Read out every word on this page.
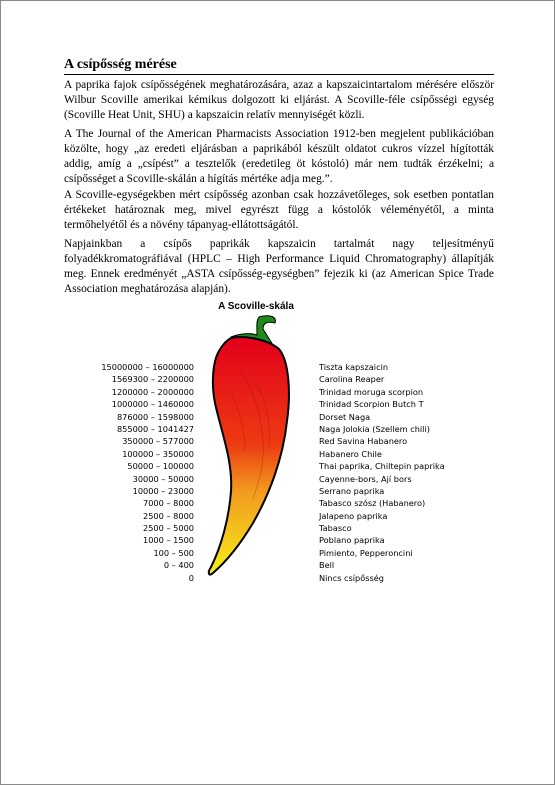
A csípősség mérése

A paprika fajok csípősségének meghatározására, azaz a kapszaicintartalom mérésére először Wilbur Scoville amerikai kémikus dolgozott ki eljárást. A Scoville-féle csípősségi egység (Scoville Heat Unit, SHU) a kapszaicin relatív mennyiségét közli.

A The Journal of the American Pharmacists Association 1912-ben megjelent publikációban közölte, hogy „az eredeti eljárásban a paprikából készült oldatot cukros vízzel hígították addig, amíg a „csípést” a tesztelők (eredetileg öt kóstoló) már nem tudták érzékelni; a csípősséget a Scoville-skálán a hígítás mértéke adja meg.”.

A Scoville-egységekben mért csípősség azonban csak hozzávetőleges, sok esetben pontatlan értékeket határoznak meg, mivel egyrészt függ a kóstolók véleményétől, a minta termőhelyétől és a növény tápanyag-ellátottságától.

Napjainkban a csípős paprikák kapszaicin tartalmát nagy teljesítményű folyadékkromatográfiával (HPLC – High Performance Liquid Chromatography) állapítják meg. Ennek eredményét „ASTA csípősség-egységben” fejezik ki (az American Spice Trade Association meghatározása alapján).

A Scoville-skála
15000000 – 16000000
1569300 – 2200000
1200000 – 2000000
1000000 – 1460000
876000 – 1598000
855000 – 1041427
350000 – 577000
100000 – 350000
50000 – 100000
30000 – 50000
10000 – 23000
7000 – 8000
2500 – 8000
2500 – 5000
1000 – 1500
100 – 500
0 – 400
0
Tiszta kapszaicin
Carolina Reaper
Trinidad moruga scorpion
Trinidad Scorpion Butch T
Dorset Naga
Naga Jolokia (Szellem chili)
Red Savina Habanero
Habanero Chile
Thai paprika, Chiltepin paprika
Cayenne-bors, Ají bors
Serrano paprika
Tabasco szósz (Habanero)
Jalapeno paprika
Tabasco
Poblano paprika
Pimiento, Pepperoncini
Bell
Nincs csípősség
